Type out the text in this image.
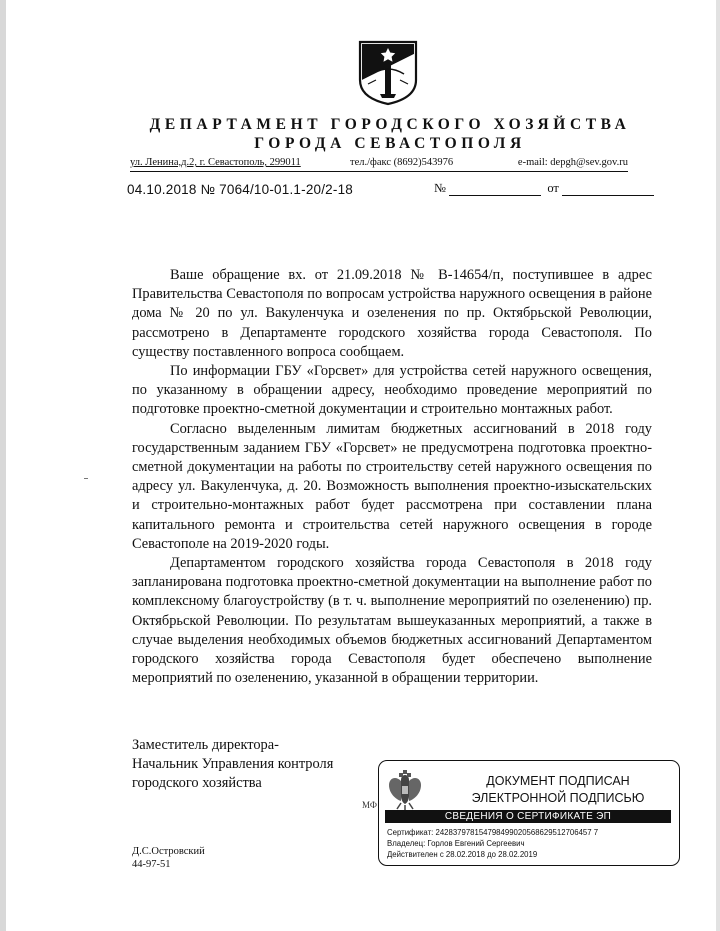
ДЕПАРТАМЕНТ ГОРОДСКОГО ХОЗЯЙСТВА
ГОРОДА СЕВАСТОПОЛЯ
ул. Ленина,д.2, г. Севастополь, 299011	тел./факс (8692)543976	e-mail: depgh@sev.gov.ru
04.10.2018 № 7064/10-01.1-20/2-18	№	от

Ваше обращение вх. от 21.09.2018 № В-14654/п, поступившее в адрес Правительства Севастополя по вопросам устройства наружного освещения в районе дома № 20 по ул. Вакуленчука и озеленения по пр. Октябрьской Революции, рассмотрено в Департаменте городского хозяйства города Севастополя. По существу поставленного вопроса сообщаем.

По информации ГБУ «Горсвет» для устройства сетей наружного освещения, по указанному в обращении адресу, необходимо проведение мероприятий по подготовке проектно-сметной документации и строительно монтажных работ.

Согласно выделенным лимитам бюджетных ассигнований в 2018 году государственным заданием ГБУ «Горсвет» не предусмотрена подготовка проектно-сметной документации на работы по строительству сетей наружного освещения по адресу ул. Вакуленчука, д. 20. Возможность выполнения проектно-изыскательских и строительно-монтажных работ будет рассмотрена при составлении плана капитального ремонта и строительства сетей наружного освещения в городе Севастополе на 2019-2020 годы.

Департаментом городского хозяйства города Севастополя в 2018 году запланирована подготовка проектно-сметной документации на выполнение работ по комплексному благоустройству (в т. ч. выполнение мероприятий по озеленению) пр. Октябрьской Революции. По результатам вышеуказанных мероприятий, а также в случае выделения необходимых объемов бюджетных ассигнований Департаментом городского хозяйства города Севастополя будет обеспечено выполнение мероприятий по озеленению, указанной в обращении территории.

Заместитель директора-
Начальник Управления контроля
городского хозяйства
МФ
ДОКУМЕНТ ПОДПИСАН
ЭЛЕКТРОННОЙ ПОДПИСЬЮ
СВЕДЕНИЯ О СЕРТИФИКАТЕ ЭП
Сертификат: 242837978154798499020568629512706457 7
Владелец: Горлов Евгений Сергеевич
Действителен с 28.02.2018 до 28.02.2019
Д.С.Островский
44-97-51
